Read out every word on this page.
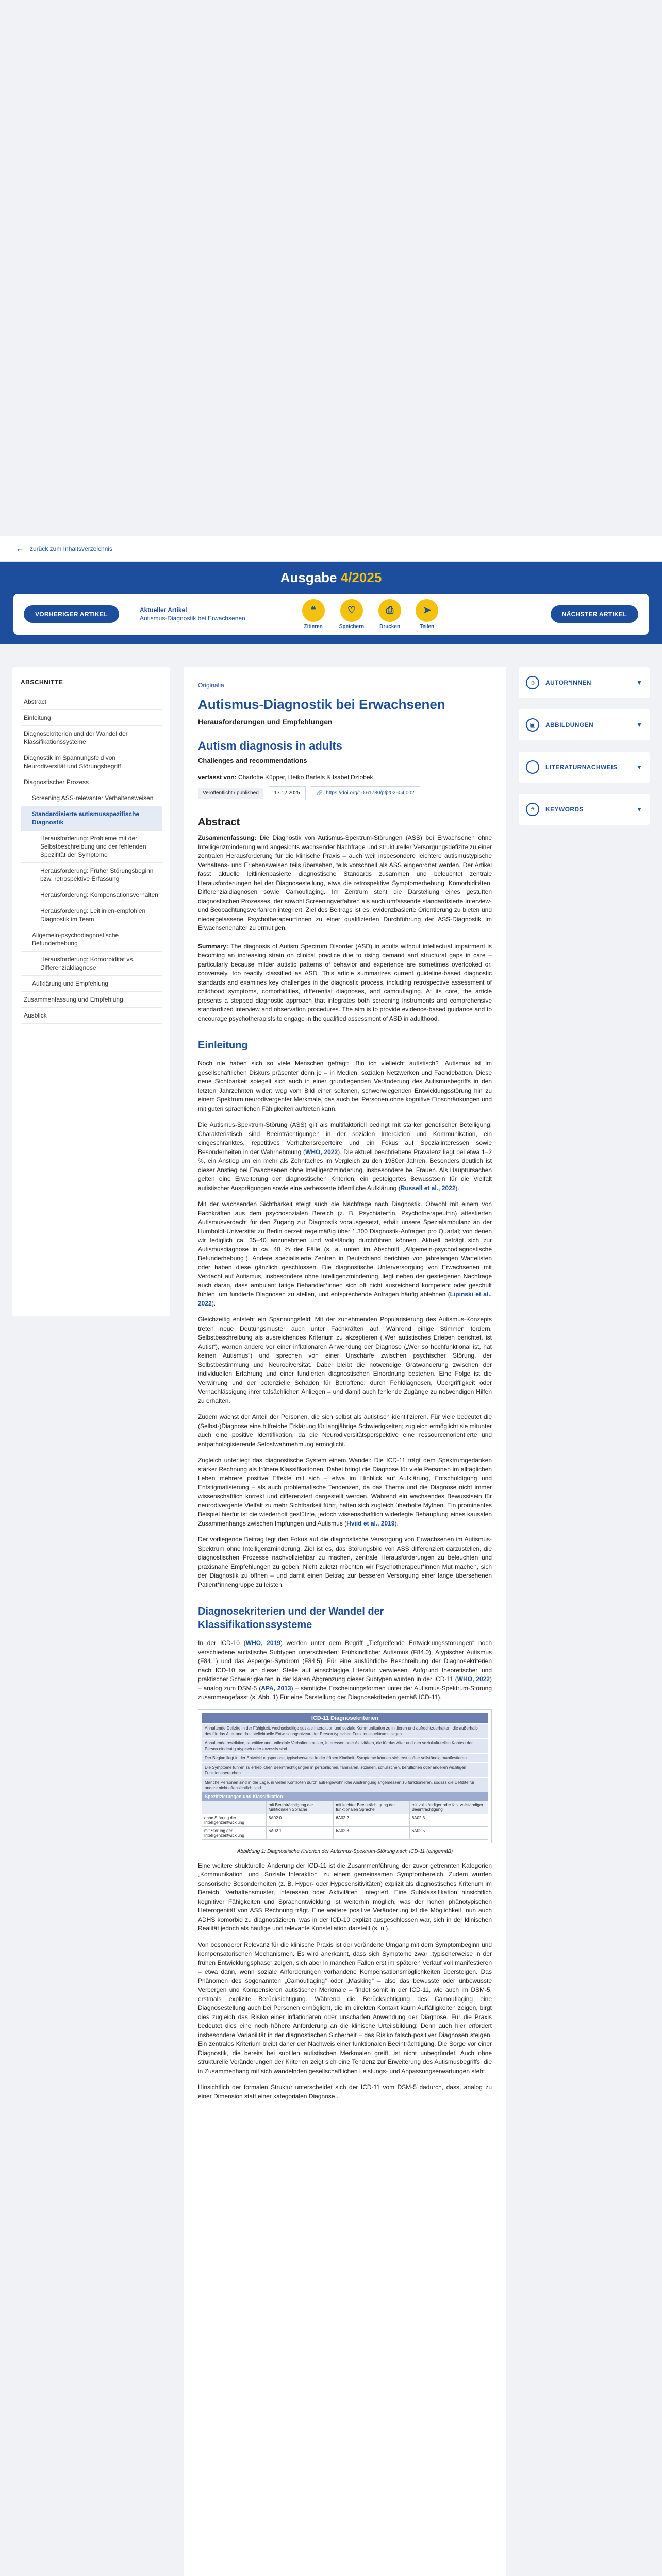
← zurück zum Inhaltsverzeichnis
Ausgabe 4/2025
VORHERIGER ARTIKEL
Aktueller Artikel
Autismus-Diagnostik bei Erwachsenen
❝
Zitieren
♡
Speichern
⎙
Drucken
➤
Teilen
NÄCHSTER ARTIKEL
ABSCHNITTE
Abstract
Einleitung
Diagnosekriterien und der Wandel der Klassifikationssysteme
Diagnostik im Spannungsfeld von Neurodiversität und Störungsbegriff
Diagnostischer Prozess
Screening ASS-relevanter Verhaltensweisen
Standardisierte autismusspezifische Diagnostik
Herausforderung: Probleme mit der Selbstbeschreibung und der fehlenden Spezifität der Symptome
Herausforderung: Früher Störungsbeginn bzw. retrospektive Erfassung
Herausforderung: Kompensationsverhalten
Herausforderung: Leitlinien-empfohlen Diagnostik im Team
Allgemein-psychodiagnostische Befunderhebung
Herausforderung: Komorbidität vs. Differenzialdiagnose
Aufklärung und Empfehlung
Zusammenfassung und Empfehlung
Ausblick
Originalia
Autismus-Diagnostik bei Erwachsenen
Herausforderungen und Empfehlungen
Autism diagnosis in adults
Challenges and recommendations
verfasst von: Charlotte Küpper, Heiko Bartels & Isabel Dziobek
Veröffentlicht / published	17.12.2025	🔗 https://doi.org/10.61780/ptj202504.002
Abstract

Zusammenfassung: Die Diagnostik von Autismus-Spektrum-Störungen (ASS) bei Erwachsenen ohne Intelligenzminderung wird angesichts wachsender Nachfrage und struktureller Versorgungsdefizite zu einer zentralen Herausforderung für die klinische Praxis – auch weil insbesondere leichtere autismustypische Verhaltens- und Erlebensweisen teils übersehen, teils vorschnell als ASS eingeordnet werden. Der Artikel fasst aktuelle leitlinienbasierte diagnostische Standards zusammen und beleuchtet zentrale Herausforderungen bei der Diagnosestellung, etwa die retrospektive Symptomerhebung, Komorbiditäten, Differenzialdiagnosen sowie Camouflaging. Im Zentrum steht die Darstellung eines gestuften diagnostischen Prozesses, der sowohl Screeningverfahren als auch umfassende standardisierte Interview- und Beobachtungsverfahren integriert. Ziel des Beitrags ist es, evidenzbasierte Orientierung zu bieten und niedergelassene Psychotherapeut*innen zu einer qualifizierten Durchführung der ASS-Diagnostik im Erwachsenenalter zu ermutigen.

Summary: The diagnosis of Autism Spectrum Disorder (ASD) in adults without intellectual impairment is becoming an increasing strain on clinical practice due to rising demand and structural gaps in care – particularly because milder autistic patterns of behavior and experience are sometimes overlooked or, conversely, too readily classified as ASD. This article summarizes current guideline-based diagnostic standards and examines key challenges in the diagnostic process, including retrospective assessment of childhood symptoms, comorbidities, differential diagnoses, and camouflaging. At its core, the article presents a stepped diagnostic approach that integrates both screening instruments and comprehensive standardized interview and observation procedures. The aim is to provide evidence-based guidance and to encourage psychotherapists to engage in the qualified assessment of ASD in adulthood.

Einleitung

Noch nie haben sich so viele Menschen gefragt: „Bin ich vielleicht autistisch?“ Autismus ist im gesellschaftlichen Diskurs präsenter denn je – in Medien, sozialen Netzwerken und Fachdebatten. Diese neue Sichtbarkeit spiegelt sich auch in einer grundlegenden Veränderung des Autismusbegriffs in den letzten Jahrzehnten wider: weg vom Bild einer seltenen, schwerwiegenden Entwicklungsstörung hin zu einem Spektrum neurodivergenter Merkmale, das auch bei Personen ohne kognitive Einschränkungen und mit guten sprachlichen Fähigkeiten auftreten kann.

Die Autismus-Spektrum-Störung (ASS) gilt als multifaktoriell bedingt mit starker genetischer Beteiligung. Charakteristisch sind Beeinträchtigungen in der sozialen Interaktion und Kommunikation, ein eingeschränktes, repetitives Verhaltensrepertoire und ein Fokus auf Spezialinteressen sowie Besonderheiten in der Wahrnehmung (WHO, 2022). Die aktuell beschriebene Prävalenz liegt bei etwa 1–2 %, ein Anstieg um ein mehr als Zehnfaches im Vergleich zu den 1980er Jahren. Besonders deutlich ist dieser Anstieg bei Erwachsenen ohne Intelligenzminderung, insbesondere bei Frauen. Als Hauptursachen gelten eine Erweiterung der diagnostischen Kriterien, ein gesteigertes Bewusstsein für die Vielfalt autistischer Ausprägungen sowie eine verbesserte öffentliche Aufklärung (Russell et al., 2022).

Mit der wachsenden Sichtbarkeit steigt auch die Nachfrage nach Diagnostik. Obwohl mit einem von Fachkräften aus dem psychosozialen Bereich (z. B. Psychiater*in, Psychotherapeut*in) attestierten Autismusverdacht für den Zugang zur Diagnostik vorausgesetzt, erhält unsere Spezialambulanz an der Humboldt-Universität zu Berlin derzeit regelmäßig über 1.300 Diagnostik-Anfragen pro Quartal; von denen wir lediglich ca. 35–40 anzunehmen und vollständig durchführen können. Aktuell beträgt sich zur Autismusdiagnose in ca. 40 % der Fälle (s. a. unten im Abschnitt „Allgemein-psychodiagnostische Befunderhebung“). Andere spezialisierte Zentren in Deutschland berichten von jahrelangen Wartelisten oder haben diese gänzlich geschlossen. Die diagnostische Unterversorgung von Erwachsenen mit Verdacht auf Autismus, insbesondere ohne Intelligenzminderung, liegt neben der gestiegenen Nachfrage auch daran, dass ambulant tätige Behandler*innen sich oft nicht ausreichend kompetent oder geschult fühlen, um fundierte Diagnosen zu stellen, und entsprechende Anfragen häufig ablehnen (Lipinski et al., 2022).

Gleichzeitig entsteht ein Spannungsfeld: Mit der zunehmenden Popularisierung des Autismus-Konzepts treten neue Deutungsmuster auch unter Fachkräften auf. Während einige Stimmen fordern, Selbstbeschreibung als ausreichendes Kriterium zu akzeptieren („Wer autistisches Erleben berichtet, ist Autist“), warnen andere vor einer inflationären Anwendung der Diagnose („Wer so hochfunktional ist, hat keinen Autismus“) und sprechen von einer Unschärfe zwischen psychischer Störung, der Selbstbestimmung und Neurodiversität. Dabei bleibt die notwendige Gratwanderung zwischen der individuellen Erfahrung und einer fundierten diagnostischen Einordnung bestehen. Eine Folge ist die Verwirrung und der potenzielle Schaden für Betroffene: durch Fehldiagnosen, Übergriffigkeit oder Vernachlässigung ihrer tatsächlichen Anliegen – und damit auch fehlende Zugänge zu notwendigen Hilfen zu erhalten.

Zudem wächst der Anteil der Personen, die sich selbst als autistisch identifizieren. Für viele bedeutet die (Selbst-)Diagnose eine hilfreiche Erklärung für langjährige Schwierigkeiten; zugleich ermöglicht sie mitunter auch eine positive Identifikation, da die Neurodiversitätsperspektive eine ressourcenorientierte und entpathologisierende Selbstwahrnehmung ermöglicht.

Zugleich unterliegt das diagnostische System einem Wandel: Die ICD-11 trägt dem Spektrumgedanken stärker Rechnung als frühere Klassifikationen. Dabei bringt die Diagnose für viele Personen im alltäglichen Leben mehrere positive Effekte mit sich – etwa im Hinblick auf Aufklärung, Entschuldigung und Entstigmatisierung – als auch problematische Tendenzen, da das Thema und die Diagnose nicht immer wissenschaftlich korrekt und differenziert dargestellt werden. Während ein wachsendes Bewusstsein für neurodivergente Vielfalt zu mehr Sichtbarkeit führt, halten sich zugleich überholte Mythen. Ein prominentes Beispiel hierfür ist die wiederholt gestützte, jedoch wissenschaftlich widerlegte Behauptung eines kausalen Zusammenhangs zwischen Impfungen und Autismus (Hviid et al., 2019).

Der vorliegende Beitrag legt den Fokus auf die diagnostische Versorgung von Erwachsenen im Autismus-Spektrum ohne Intelligenzminderung. Ziel ist es, das Störungsbild von ASS differenziert darzustellen, die diagnostischen Prozesse nachvollziehbar zu machen, zentrale Herausforderungen zu beleuchten und praxisnahe Empfehlungen zu geben. Nicht zuletzt möchten wir Psychotherapeut*innen Mut machen, sich der Diagnostik zu öffnen – und damit einen Beitrag zur besseren Versorgung einer lange übersehenen Patient*innengruppe zu leisten.

Diagnosekriterien und der Wandel der Klassifikationssysteme

In der ICD-10 (WHO, 2019) werden unter dem Begriff „Tiefgreifende Entwicklungsstörungen“ noch verschiedene autistische Subtypen unterschieden: Frühkindlicher Autismus (F84.0), Atypischer Autismus (F84.1) und das Asperger-Syndrom (F84.5). Für eine ausführliche Beschreibung der Diagnosekriterien nach ICD-10 sei an dieser Stelle auf einschlägige Literatur verwiesen. Aufgrund theoretischer und praktischer Schwierigkeiten in der klaren Abgrenzung dieser Subtypen wurden in der ICD-11 (WHO, 2022) – analog zum DSM-5 (APA, 2013) – sämtliche Erscheinungsformen unter der Autismus-Spektrum-Störung zusammengefasst (s. Abb. 1) Für eine Darstellung der Diagnosekriterien gemäß ICD-11).

ICD-11 Diagnosekriterien
Anhaltende Defizite in der Fähigkeit, wechselseitige soziale Interaktion und soziale Kommunikation zu initiieren und aufrechtzuerhalten, die außerhalb des für das Alter und das intellektuelle Entwicklungsniveau der Person typischen Funktionsspektrums liegen.
Anhaltende restriktive, repetitive und unflexible Verhaltensmuster, Interessen oder Aktivitäten, die für das Alter und den soziokulturellen Kontext der Person eindeutig atypisch oder exzessiv sind.
Der Beginn liegt in der Entwicklungsperiode, typischerweise in der frühen Kindheit; Symptome können sich erst später vollständig manifestieren.
Die Symptome führen zu erheblichen Beeinträchtigungen in persönlichen, familiären, sozialen, schulischen, beruflichen oder anderen wichtigen Funktionsbereichen.
Manche Personen sind in der Lage, in vielen Kontexten durch außergewöhnliche Anstrengung angemessen zu funktionieren, sodass die Defizite für andere nicht offensichtlich sind.
Spezifizierungen und Klassifikation
	mit Beeinträchtigung der funktionalen Sprache	mit leichter Beeinträchtigung der funktionalen Sprache	mit vollständiger oder fast vollständiger Beeinträchtigung
ohne Störung der Intelligenzentwicklung	6A02.0	6A02.2	6A02.3
mit Störung der Intelligenzentwicklung	6A02.1	6A02.3	6A02.5
Abbildung 1: Diagnostische Kriterien der Autismus-Spektrum-Störung nach ICD-11 (eingemäß)

Eine weitere strukturelle Änderung der ICD-11 ist die Zusammenführung der zuvor getrennten Kategorien „Kommunikation“ und „Soziale Interaktion“ zu einem gemeinsamen Symptombereich. Zudem wurden sensorische Besonderheiten (z. B. Hyper- oder Hyposensitivitäten) explizit als diagnostisches Kriterium im Bereich „Verhaltensmuster, Interessen oder Aktivitäten“ integriert. Eine Subklassifikation hinsichtlich kognitiver Fähigkeiten und Sprachentwicklung ist weiterhin möglich, was der hohen phänotypischen Heterogenität von ASS Rechnung trägt. Eine weitere positive Veränderung ist die Möglichkeit, nun auch ADHS komorbid zu diagnostizieren, was in der ICD-10 explizit ausgeschlossen war, sich in der klinischen Realität jedoch als häufige und relevante Konstellation darstellt (s. u.).

Von besonderer Relevanz für die klinische Praxis ist der veränderte Umgang mit dem Symptombeginn und kompensatorischen Mechanismen. Es wird anerkannt, dass sich Symptome zwar „typischerweise in der frühen Entwicklungsphase“ zeigen, sich aber in manchen Fällen erst im späteren Verlauf voll manifestieren – etwa dann, wenn soziale Anforderungen vorhandene Kompensationsmöglichkeiten übersteigen. Das Phänomen des sogenannten „Camouflaging“ oder „Masking“ – also das bewusste oder unbewusste Verbergen und Kompensieren autistischer Merkmale – findet somit in der ICD-11, wie auch im DSM-5, erstmals explizite Berücksichtigung. Während die Berücksichtigung des Camouflaging eine Diagnosestellung auch bei Personen ermöglicht, die im direkten Kontakt kaum Auffälligkeiten zeigen, birgt dies zugleich das Risiko einer inflationären oder unscharfen Anwendung der Diagnose. Für die Praxis bedeutet dies eine noch höhere Anforderung an die klinische Urteilsbildung: Denn auch hier erfordert insbesondere Variabilität in der diagnostischen Sicherheit – das Risiko falsch-positiver Diagnosen steigen. Ein zentrales Kriterium bleibt daher der Nachweis einer funktionalen Beeinträchtigung. Die Sorge vor einer Diagnostik, die bereits bei subtilen autistischen Merkmalen greift, ist nicht unbegründet. Auch ohne strukturelle Veränderungen der Kriterien zeigt sich eine Tendenz zur Erweiterung des Autismusbegriffs, die in Zusammenhang mit sich wandelnden gesellschaftlichen Leistungs- und Anpassungserwartungen steht.

Hinsichtlich der formalen Struktur unterscheidet sich der ICD-11 vom DSM-5 dadurch, dass, analog zu einer Dimension statt einer kategorialen Diagnose...

☺	AUTOR*INNEN	▼
▣	ABBILDUNGEN	▼
≣	LITERATURNACHWEIS	▼
#	KEYWORDS	▼
